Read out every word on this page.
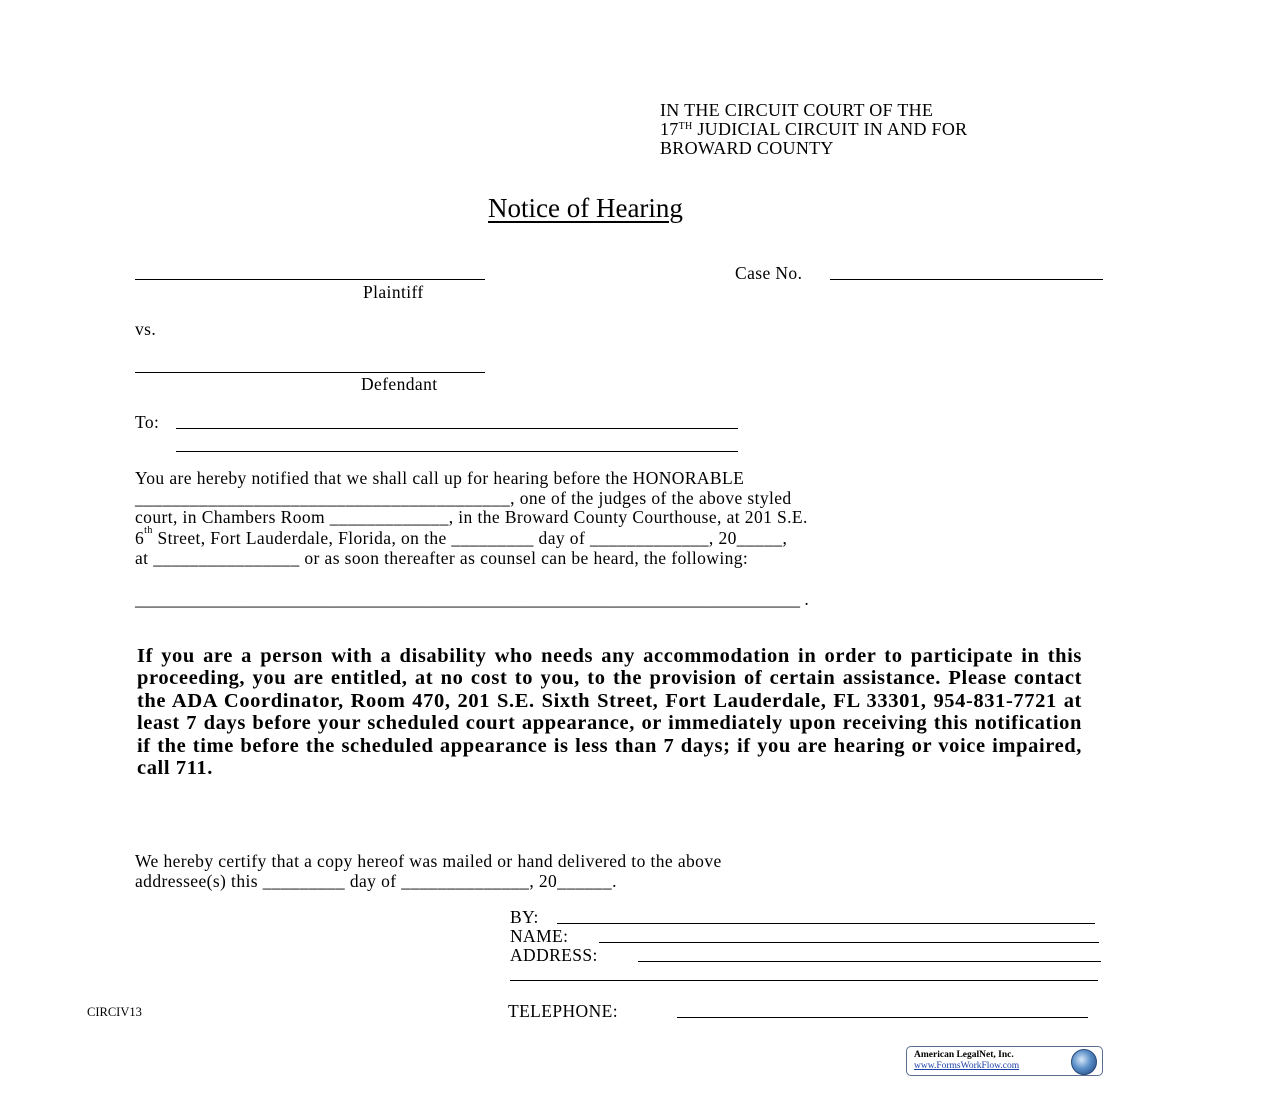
IN THE CIRCUIT COURT OF THE
17TH JUDICIAL CIRCUIT IN AND FOR
BROWARD COUNTY
Notice of Hearing
Plaintiff
Case No.
vs.
Defendant
To:
You are hereby notified that we shall call up for hearing before the HONORABLE
_________________________________________, one of the judges of the above styled
court, in Chambers Room _____________, in the Broward County Courthouse, at 201 S.E.
6th Street, Fort Lauderdale, Florida, on the _________ day of _____________, 20_____,
at ________________ or as soon thereafter as counsel can be heard, the following:
____________________________________________________________________________ .
If you are a person with a disability who needs any accommodation in order to participate in this proceeding, you are entitled, at no cost to you, to the provision of certain assistance. Please contact the ADA Coordinator, Room 470, 201 S.E. Sixth Street, Fort Lauderdale, FL 33301, 954-831-7721 at least 7 days before your scheduled court appearance, or immediately upon receiving this notification if the time before the scheduled appearance is less than 7 days; if you are hearing or voice impaired, call 711.
We hereby certify that a copy hereof was mailed or hand delivered to the above
addressee(s) this _________ day of ______________, 20______.
BY:
NAME:
ADDRESS:
TELEPHONE:
CIRCIV13
American LegalNet, Inc.
www.FormsWorkFlow.com
